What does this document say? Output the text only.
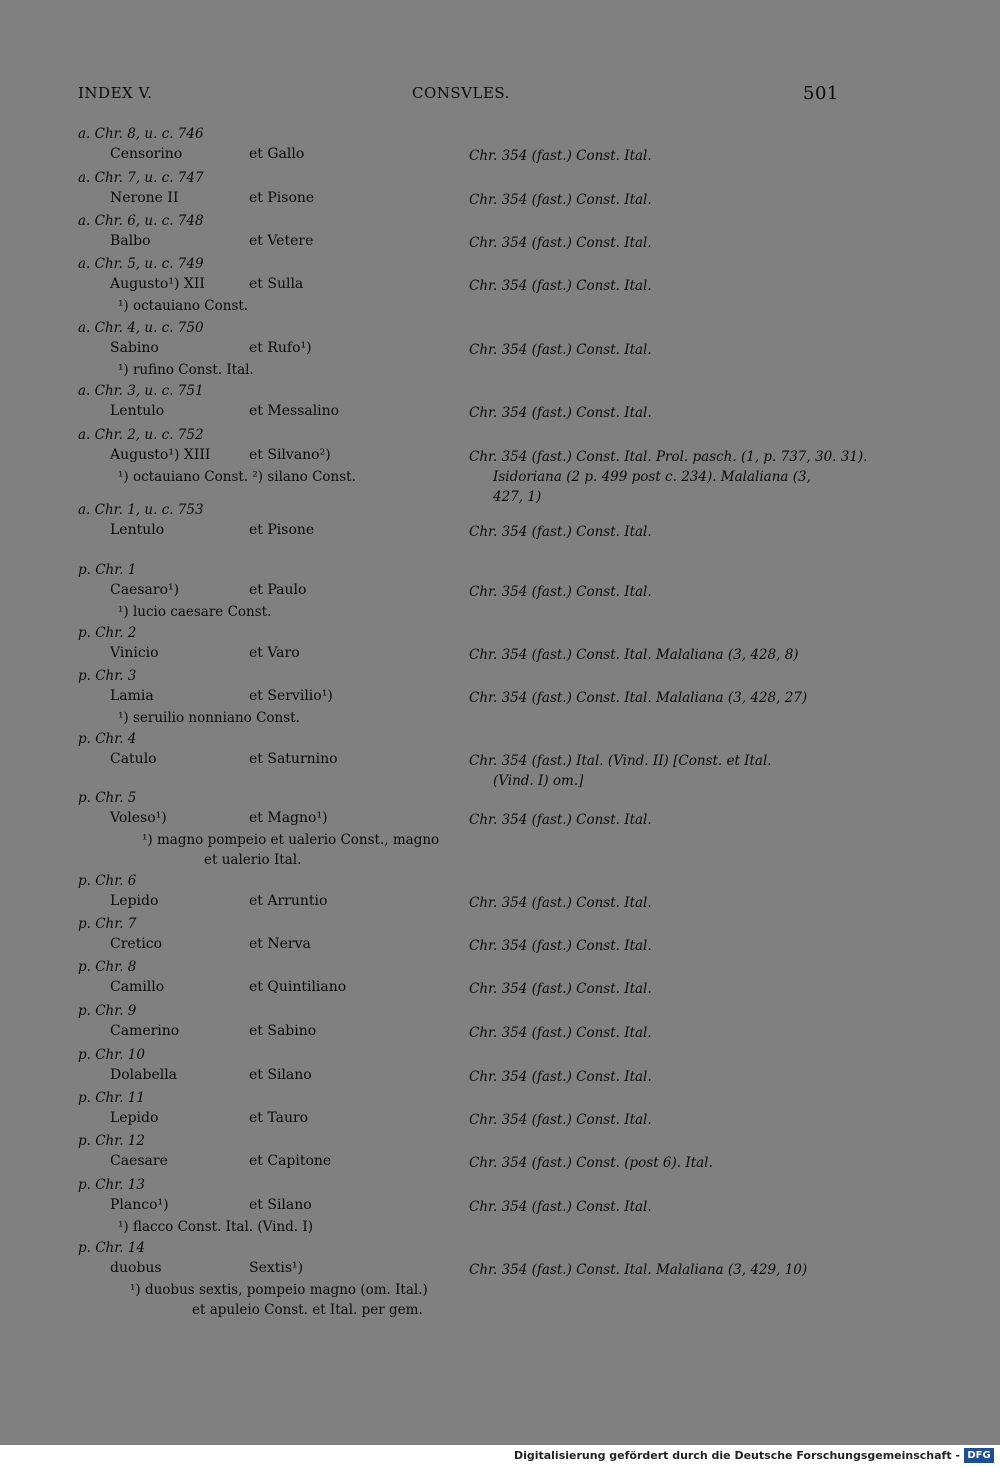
INDEX V.	CONSVLES.	501
a. Chr. 8, u. c. 746
Censorino	et Gallo	Chr. 354 (fast.) Const. Ital.
a. Chr. 7, u. c. 747
Nerone II	et Pisone	Chr. 354 (fast.) Const. Ital.
a. Chr. 6, u. c. 748
Balbo	et Vetere	Chr. 354 (fast.) Const. Ital.
a. Chr. 5, u. c. 749
Augusto¹) XII	et Sulla	Chr. 354 (fast.) Const. Ital.
¹) octauiano Const.
a. Chr. 4, u. c. 750
Sabino	et Rufo¹)	Chr. 354 (fast.) Const. Ital.
¹) rufino Const. Ital.
a. Chr. 3, u. c. 751
Lentulo	et Messalino	Chr. 354 (fast.) Const. Ital.
a. Chr. 2, u. c. 752
Augusto¹) XIII	et Silvano²)	Chr. 354 (fast.) Const. Ital. Prol. pasch. (1, p. 737, 30. 31).
Isidoriana (2 p. 499 post c. 234). Malaliana (3,
427, 1)
¹) octauiano Const. ²) silano Const.
a. Chr. 1, u. c. 753
Lentulo	et Pisone	Chr. 354 (fast.) Const. Ital.
p. Chr. 1
Caesaro¹)	et Paulo	Chr. 354 (fast.) Const. Ital.
¹) lucio caesare Const.
p. Chr. 2
Vinicio	et Varo	Chr. 354 (fast.) Const. Ital. Malaliana (3, 428, 8)
p. Chr. 3
Lamia	et Servilio¹)	Chr. 354 (fast.) Const. Ital. Malaliana (3, 428, 27)
¹) seruilio nonniano Const.
p. Chr. 4
Catulo	et Saturnino	Chr. 354 (fast.) Ital. (Vind. II) [Const. et Ital.
(Vind. I) om.]
p. Chr. 5
Voleso¹)	et Magno¹)	Chr. 354 (fast.) Const. Ital.
¹) magno pompeio et ualerio Const., magno
et ualerio Ital.
p. Chr. 6
Lepido	et Arruntio	Chr. 354 (fast.) Const. Ital.
p. Chr. 7
Cretico	et Nerva	Chr. 354 (fast.) Const. Ital.
p. Chr. 8
Camillo	et Quintiliano	Chr. 354 (fast.) Const. Ital.
p. Chr. 9
Camerino	et Sabino	Chr. 354 (fast.) Const. Ital.
p. Chr. 10
Dolabella	et Silano	Chr. 354 (fast.) Const. Ital.
p. Chr. 11
Lepido	et Tauro	Chr. 354 (fast.) Const. Ital.
p. Chr. 12
Caesare	et Capitone	Chr. 354 (fast.) Const. (post 6). Ital.
p. Chr. 13
Planco¹)	et Silano	Chr. 354 (fast.) Const. Ital.
¹) flacco Const. Ital. (Vind. I)
p. Chr. 14
duobus	Sextis¹)	Chr. 354 (fast.) Const. Ital. Malaliana (3, 429, 10)
¹) duobus sextis, pompeio magno (om. Ital.)
et apuleio Const. et Ital. per gem.
Digitalisierung gefördert durch die Deutsche Forschungsgemeinschaft - DFG
